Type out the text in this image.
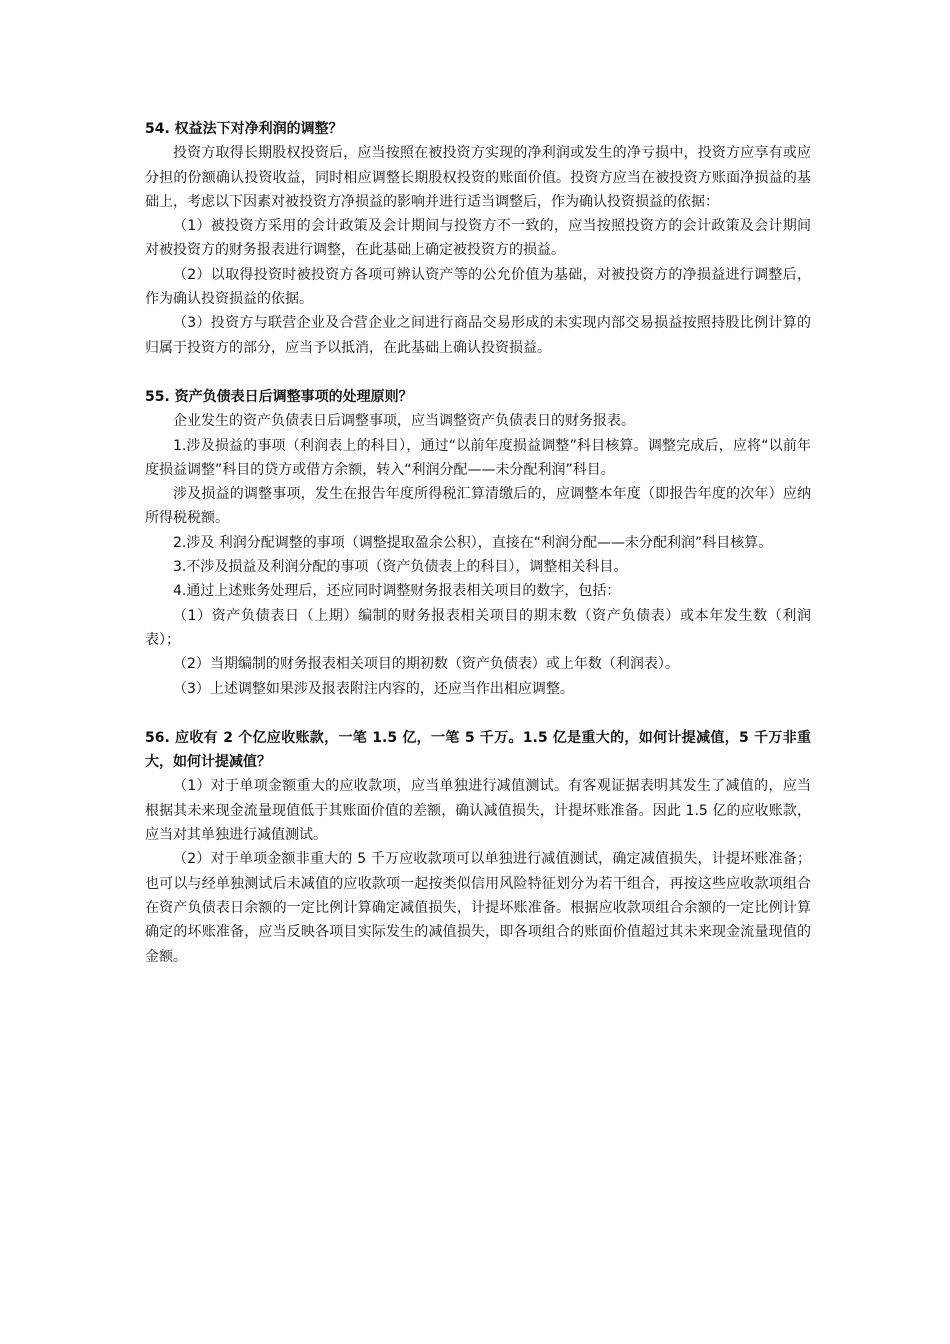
54. 权益法下对净利润的调整？

投资方取得长期股权投资后，应当按照在被投资方实现的净利润或发生的净亏损中，投资方应享有或应分担的份额确认投资收益，同时相应调整长期股权投资的账面价值。投资方应当在被投资方账面净损益的基础上，考虑以下因素对被投资方净损益的影响并进行适当调整后，作为确认投资损益的依据：

（1）被投资方采用的会计政策及会计期间与投资方不一致的，应当按照投资方的会计政策及会计期间对被投资方的财务报表进行调整，在此基础上确定被投资方的损益。

（2）以取得投资时被投资方各项可辨认资产等的公允价值为基础，对被投资方的净损益进行调整后，作为确认投资损益的依据。

（3）投资方与联营企业及合营企业之间进行商品交易形成的未实现内部交易损益按照持股比例计算的归属于投资方的部分，应当予以抵消，在此基础上确认投资损益。

55. 资产负债表日后调整事项的处理原则？

企业发生的资产负债表日后调整事项，应当调整资产负债表日的财务报表。

1.涉及损益的事项（利润表上的科目），通过“以前年度损益调整”科目核算。调整完成后，应将“以前年度损益调整”科目的贷方或借方余额，转入“利润分配——未分配利润”科目。

涉及损益的调整事项，发生在报告年度所得税汇算清缴后的，应调整本年度（即报告年度的次年）应纳所得税税额。

2.涉及 利润分配调整的事项（调整提取盈余公积），直接在“利润分配——未分配利润”科目核算。

3.不涉及损益及利润分配的事项（资产负债表上的科目），调整相关科目。

4.通过上述账务处理后，还应同时调整财务报表相关项目的数字，包括：

（1）资产负债表日（上期）编制的财务报表相关项目的期末数（资产负债表）或本年发生数（利润表）；

（2）当期编制的财务报表相关项目的期初数（资产负债表）或上年数（利润表）。

（3）上述调整如果涉及报表附注内容的，还应当作出相应调整。

56. 应收有 2 个亿应收账款，一笔 1.5 亿，一笔 5 千万。1.5 亿是重大的，如何计提减值，5 千万非重大，如何计提减值？

（1）对于单项金额重大的应收款项，应当单独进行减值测试。有客观证据表明其发生了减值的，应当根据其未来现金流量现值低于其账面价值的差额，确认减值损失，计提坏账准备。因此 1.5 亿的应收账款，应当对其单独进行减值测试。

（2）对于单项金额非重大的 5 千万应收款项可以单独进行减值测试，确定减值损失，计提坏账准备；也可以与经单独测试后未减值的应收款项一起按类似信用风险特征划分为若干组合，再按这些应收款项组合在资产负债表日余额的一定比例计算确定减值损失，计提坏账准备。根据应收款项组合余额的一定比例计算确定的坏账准备，应当反映各项目实际发生的减值损失，即各项组合的账面价值超过其未来现金流量现值的金额。
